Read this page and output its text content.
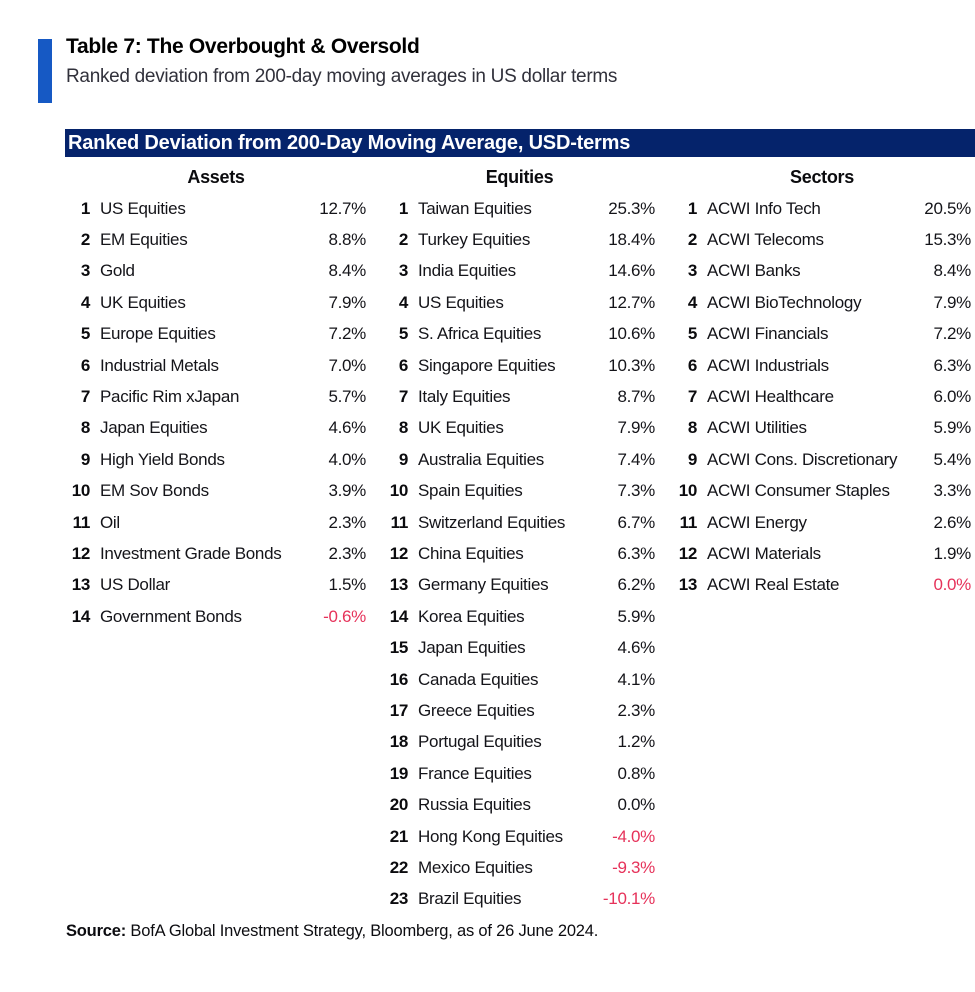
Table 7: The Overbought & Oversold

Ranked deviation from 200-day moving averages in US dollar terms

Ranked Deviation from 200-Day Moving Average, USD-terms
Assets
1 US Equities	12.7%
2 EM Equities	8.8%
3 Gold	8.4%
4 UK Equities	7.9%
5 Europe Equities	7.2%
6 Industrial Metals	7.0%
7 Pacific Rim xJapan	5.7%
8 Japan Equities	4.6%
9 High Yield Bonds	4.0%
10 EM Sov Bonds	3.9%
11 Oil	2.3%
12 Investment Grade Bonds	2.3%
13 US Dollar	1.5%
14 Government Bonds	-0.6%
Equities
1 Taiwan Equities	25.3%
2 Turkey Equities	18.4%
3 India Equities	14.6%
4 US Equities	12.7%
5 S. Africa Equities	10.6%
6 Singapore Equities	10.3%
7 Italy Equities	8.7%
8 UK Equities	7.9%
9 Australia Equities	7.4%
10 Spain Equities	7.3%
11 Switzerland Equities	6.7%
12 China Equities	6.3%
13 Germany Equities	6.2%
14 Korea Equities	5.9%
15 Japan Equities	4.6%
16 Canada Equities	4.1%
17 Greece Equities	2.3%
18 Portugal Equities	1.2%
19 France Equities	0.8%
20 Russia Equities	0.0%
21 Hong Kong Equities	-4.0%
22 Mexico Equities	-9.3%
23 Brazil Equities	-10.1%
Sectors
1 ACWI Info Tech	20.5%
2 ACWI Telecoms	15.3%
3 ACWI Banks	8.4%
4 ACWI BioTechnology	7.9%
5 ACWI Financials	7.2%
6 ACWI Industrials	6.3%
7 ACWI Healthcare	6.0%
8 ACWI Utilities	5.9%
9 ACWI Cons. Discretionary	5.4%
10 ACWI Consumer Staples	3.3%
11 ACWI Energy	2.6%
12 ACWI Materials	1.9%
13 ACWI Real Estate	0.0%

Source: BofA Global Investment Strategy, Bloomberg, as of 26 June 2024.
